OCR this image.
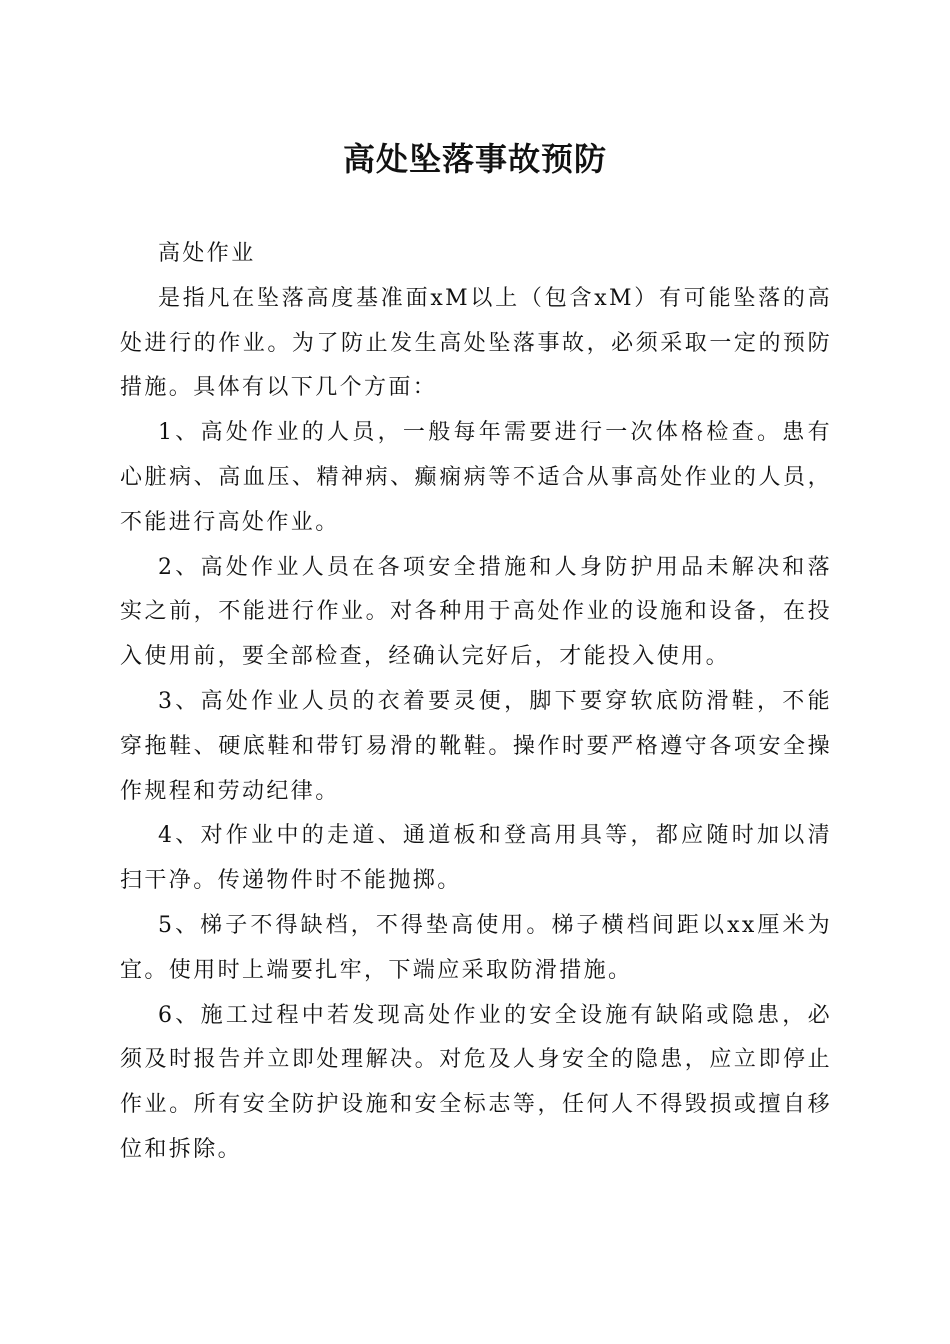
高处坠落事故预防

高处作业

是指凡在坠落高度基准面xM以上（包含xM）有可能坠落的高处进行的作业。为了防止发生高处坠落事故，必须采取一定的预防措施。具体有以下几个方面：

1、高处作业的人员，一般每年需要进行一次体格检查。患有心脏病、高血压、精神病、癫痫病等不适合从事高处作业的人员，不能进行高处作业。

2、高处作业人员在各项安全措施和人身防护用品未解决和落实之前，不能进行作业。对各种用于高处作业的设施和设备，在投入使用前，要全部检查，经确认完好后，才能投入使用。

3、高处作业人员的衣着要灵便，脚下要穿软底防滑鞋，不能穿拖鞋、硬底鞋和带钉易滑的靴鞋。操作时要严格遵守各项安全操作规程和劳动纪律。

4、对作业中的走道、通道板和登高用具等，都应随时加以清扫干净。传递物件时不能抛掷。

5、梯子不得缺档，不得垫高使用。梯子横档间距以xx厘米为宜。使用时上端要扎牢，下端应采取防滑措施。

6、施工过程中若发现高处作业的安全设施有缺陷或隐患，必须及时报告并立即处理解决。对危及人身安全的隐患，应立即停止作业。所有安全防护设施和安全标志等，任何人不得毁损或擅自移位和拆除。
